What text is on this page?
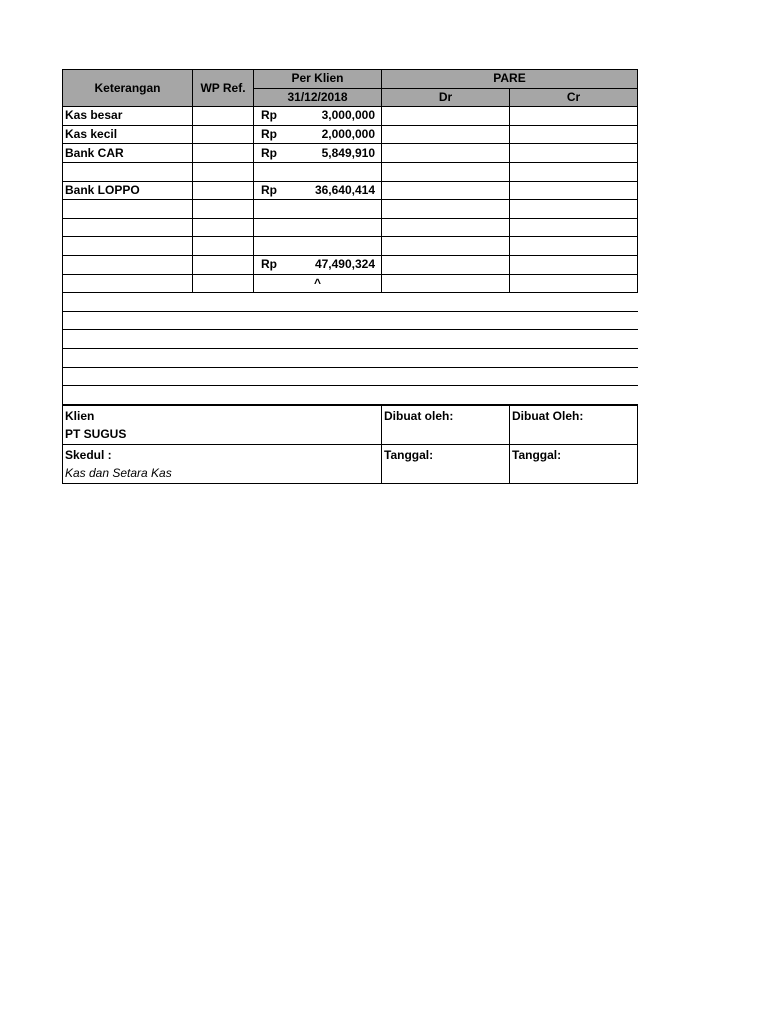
Keterangan	WP Ref.	Per Klien	PARE	
		31/12/2018	Dr	Cr
Kas besar		Rp 3,000,000		

Kas kecil		Rp 2,000,000		

Bank CAR		Rp 5,849,910		

Bank LOPPO		Rp 36,640,414		

		Rp 47,490,324		

		^		

Klien
PT SUGUS	Dibuat oleh:	Dibuat Oleh:

Skedul :
Kas dan Setara Kas	Tanggal:	Tanggal:
